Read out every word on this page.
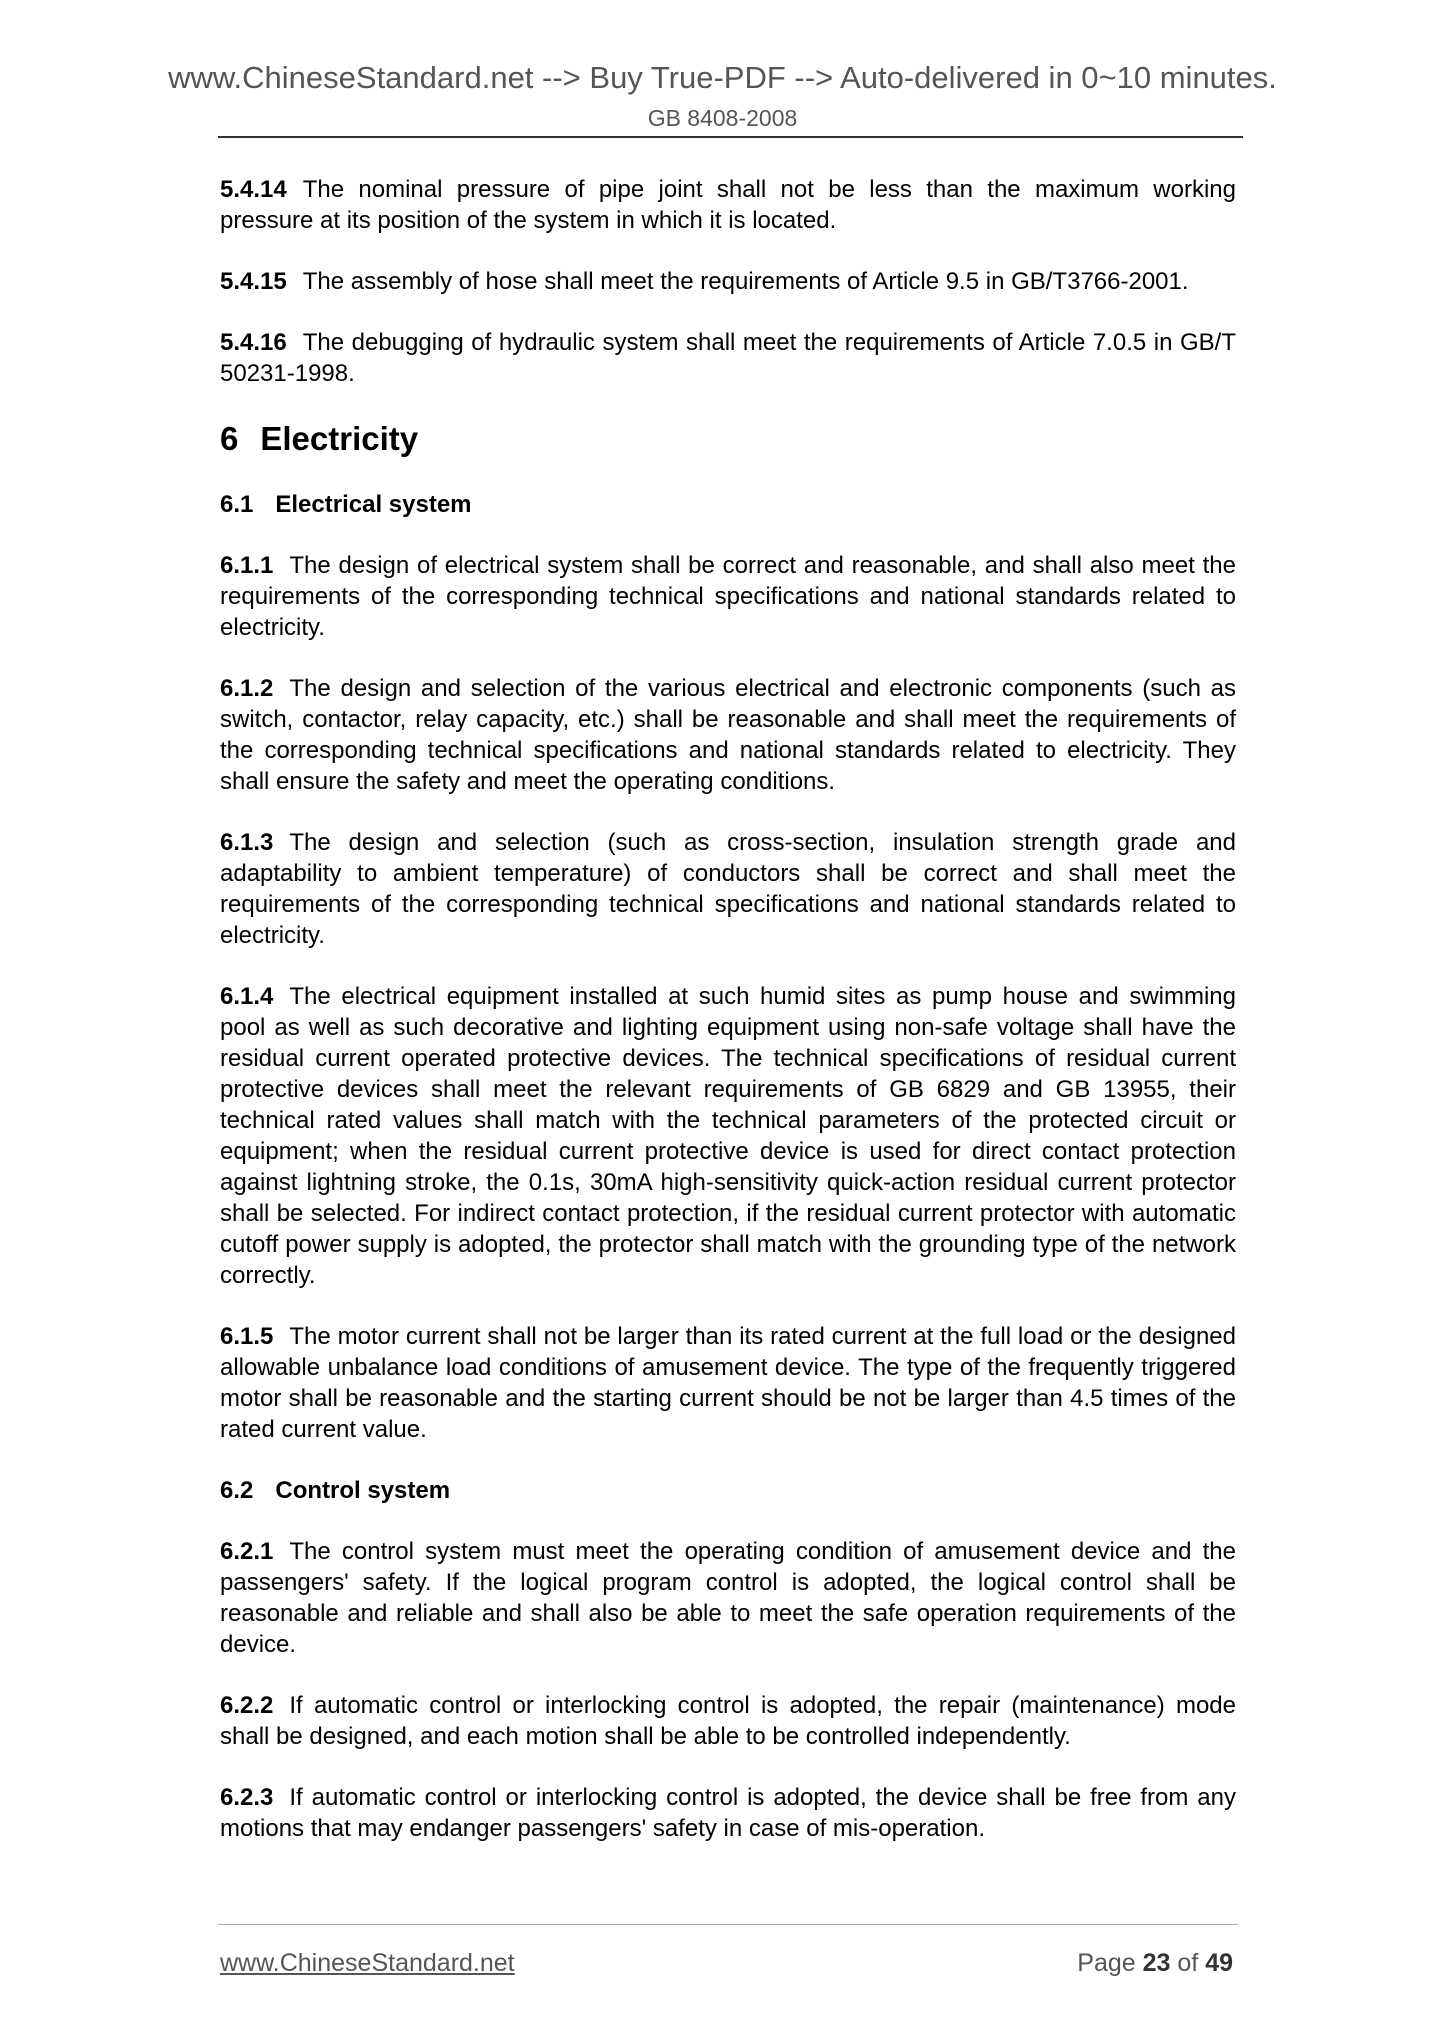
www.ChineseStandard.net --> Buy True-PDF --> Auto-delivered in 0~10 minutes.
GB 8408-2008

5.4.14 The nominal pressure of pipe joint shall not be less than the maximum working pressure at its position of the system in which it is located.

5.4.15 The assembly of hose shall meet the requirements of Article 9.5 in GB/T3766-2001.

5.4.16 The debugging of hydraulic system shall meet the requirements of Article 7.0.5 in GB/T 50231-1998.

6 Electricity
6.1 Electrical system

6.1.1 The design of electrical system shall be correct and reasonable, and shall also meet the requirements of the corresponding technical specifications and national standards related to electricity.

6.1.2 The design and selection of the various electrical and electronic components (such as switch, contactor, relay capacity, etc.) shall be reasonable and shall meet the requirements of the corresponding technical specifications and national standards related to electricity. They shall ensure the safety and meet the operating conditions.

6.1.3 The design and selection (such as cross-section, insulation strength grade and adaptability to ambient temperature) of conductors shall be correct and shall meet the requirements of the corresponding technical specifications and national standards related to electricity.

6.1.4 The electrical equipment installed at such humid sites as pump house and swimming pool as well as such decorative and lighting equipment using non-safe voltage shall have the residual current operated protective devices. The technical specifications of residual current protective devices shall meet the relevant requirements of GB 6829 and GB 13955, their technical rated values shall match with the technical parameters of the protected circuit or equipment; when the residual current protective device is used for direct contact protection against lightning stroke, the 0.1s, 30mA high-sensitivity quick-action residual current protector shall be selected. For indirect contact protection, if the residual current protector with automatic cutoff power supply is adopted, the protector shall match with the grounding type of the network correctly.

6.1.5 The motor current shall not be larger than its rated current at the full load or the designed allowable unbalance load conditions of amusement device. The type of the frequently triggered motor shall be reasonable and the starting current should be not be larger than 4.5 times of the rated current value.

6.2 Control system

6.2.1 The control system must meet the operating condition of amusement device and the passengers' safety. If the logical program control is adopted, the logical control shall be reasonable and reliable and shall also be able to meet the safe operation requirements of the device.

6.2.2 If automatic control or interlocking control is adopted, the repair (maintenance) mode shall be designed, and each motion shall be able to be controlled independently.

6.2.3 If automatic control or interlocking control is adopted, the device shall be free from any motions that may endanger passengers' safety in case of mis-operation.

www.ChineseStandard.net	Page 23 of 49
